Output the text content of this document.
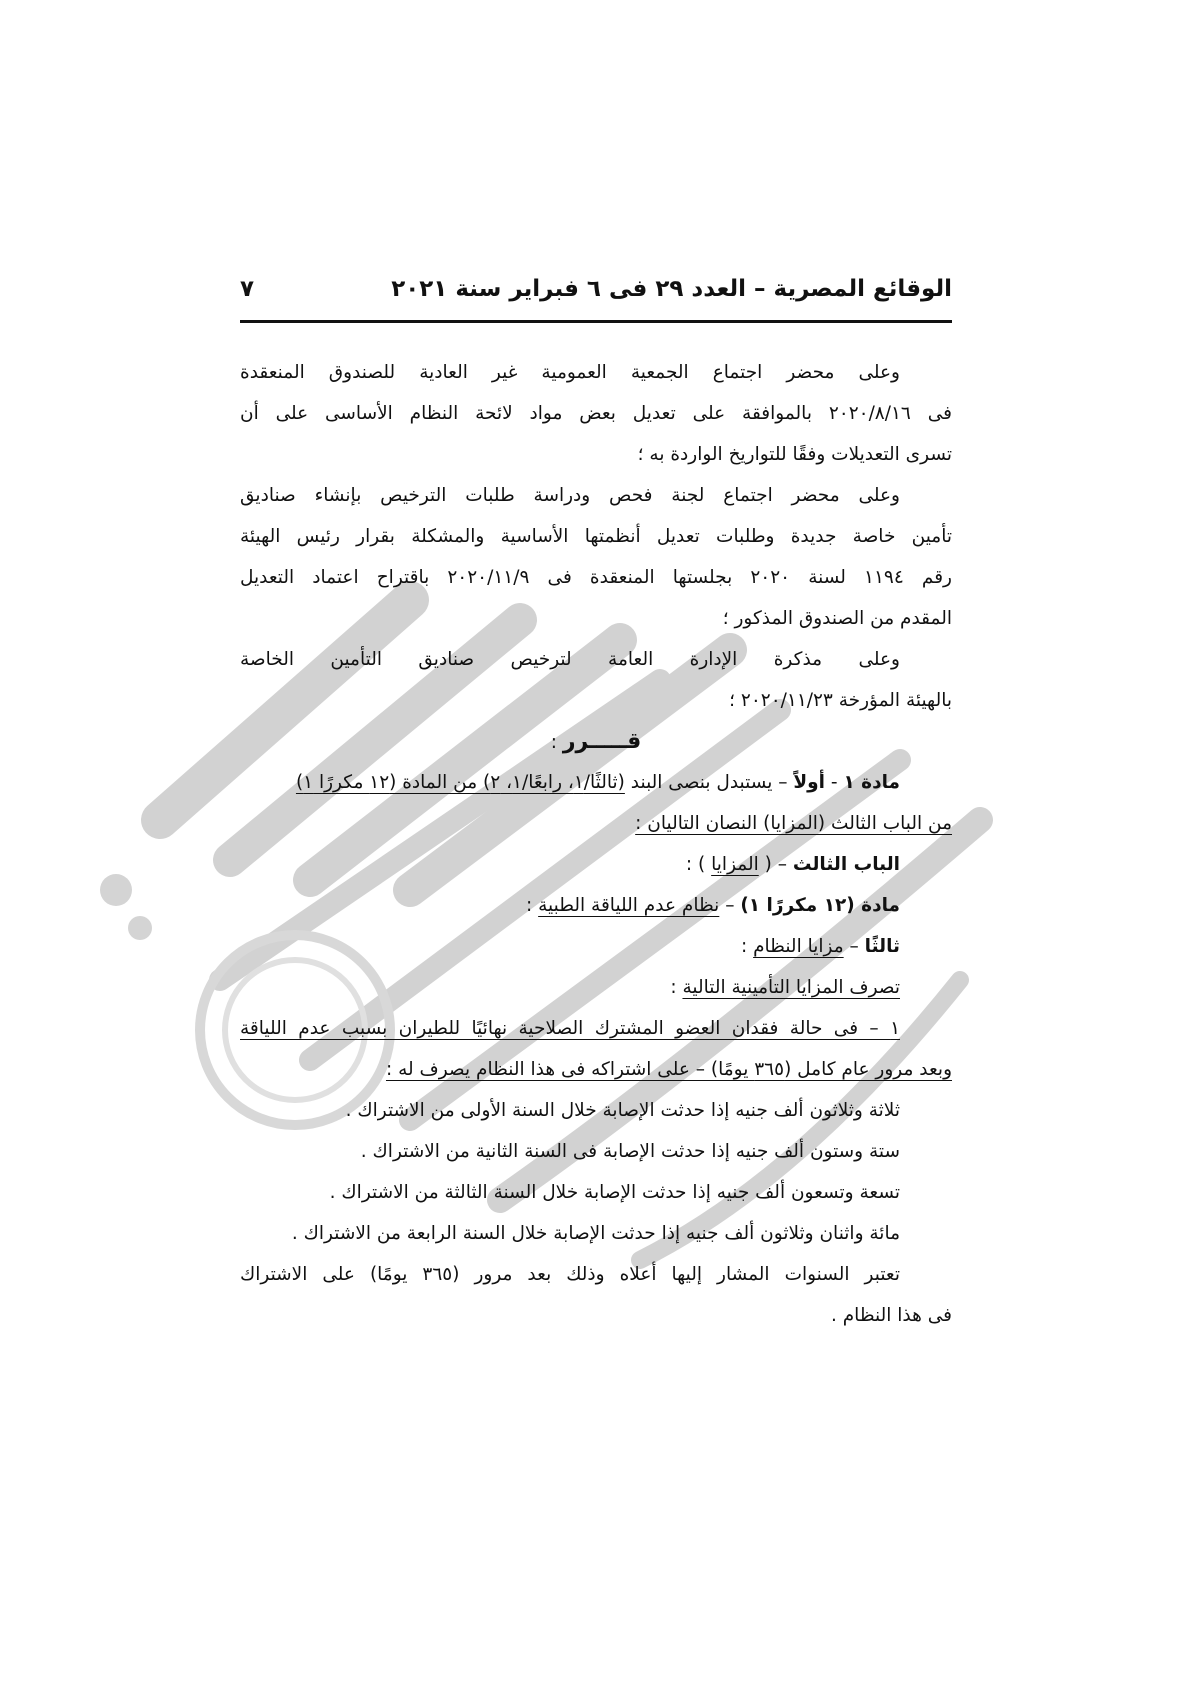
الوقائع المصرية – العدد ٢٩ فى ٦ فبراير سنة ٢٠٢١
٧
وعلى محضر اجتماع الجمعية العمومية غير العادية للصندوق المنعقدة
فى ٢٠٢٠/٨/١٦ بالموافقة على تعديل بعض مواد لائحة النظام الأساسى على أن
تسرى التعديلات وفقًا للتواريخ الواردة به ؛
وعلى محضر اجتماع لجنة فحص ودراسة طلبات الترخيص بإنشاء صناديق
تأمين خاصة جديدة وطلبات تعديل أنظمتها الأساسية والمشكلة بقرار رئيس الهيئة
رقم ١١٩٤ لسنة ٢٠٢٠ بجلستها المنعقدة فى ٢٠٢٠/١١/٩ باقتراح اعتماد التعديل
المقدم من الصندوق المذكور ؛
وعلى مذكرة الإدارة العامة لترخيص صناديق التأمين الخاصة
بالهيئة المؤرخة ٢٠٢٠/١١/٢٣ ؛
قـــــرر :
مادة ١ - أولاً – يستبدل بنصى البند (ثالثًا/١، رابعًا/١، ٢) من المادة (١٢ مكررًا ١)
من الباب الثالث (المزايا) النصان التاليان :
الباب الثالث – ( المزايا ) :
مادة (١٢ مكررًا ١) – نظام عدم اللياقة الطبية :
ثالثًا – مزايا النظام :
تصرف المزايا التأمينية التالية :
١ – فى حالة فقدان العضو المشترك الصلاحية نهائيًا للطيران بسبب عدم اللياقة
وبعد مرور عام كامل (٣٦٥ يومًا) – على اشتراكه فى هذا النظام يصرف له :
ثلاثة وثلاثون ألف جنيه إذا حدثت الإصابة خلال السنة الأولى من الاشتراك .
ستة وستون ألف جنيه إذا حدثت الإصابة فى السنة الثانية من الاشتراك .
تسعة وتسعون ألف جنيه إذا حدثت الإصابة خلال السنة الثالثة من الاشتراك .
مائة واثنان وثلاثون ألف جنيه إذا حدثت الإصابة خلال السنة الرابعة من الاشتراك .
تعتبر السنوات المشار إليها أعلاه وذلك بعد مرور (٣٦٥ يومًا) على الاشتراك
فى هذا النظام .
